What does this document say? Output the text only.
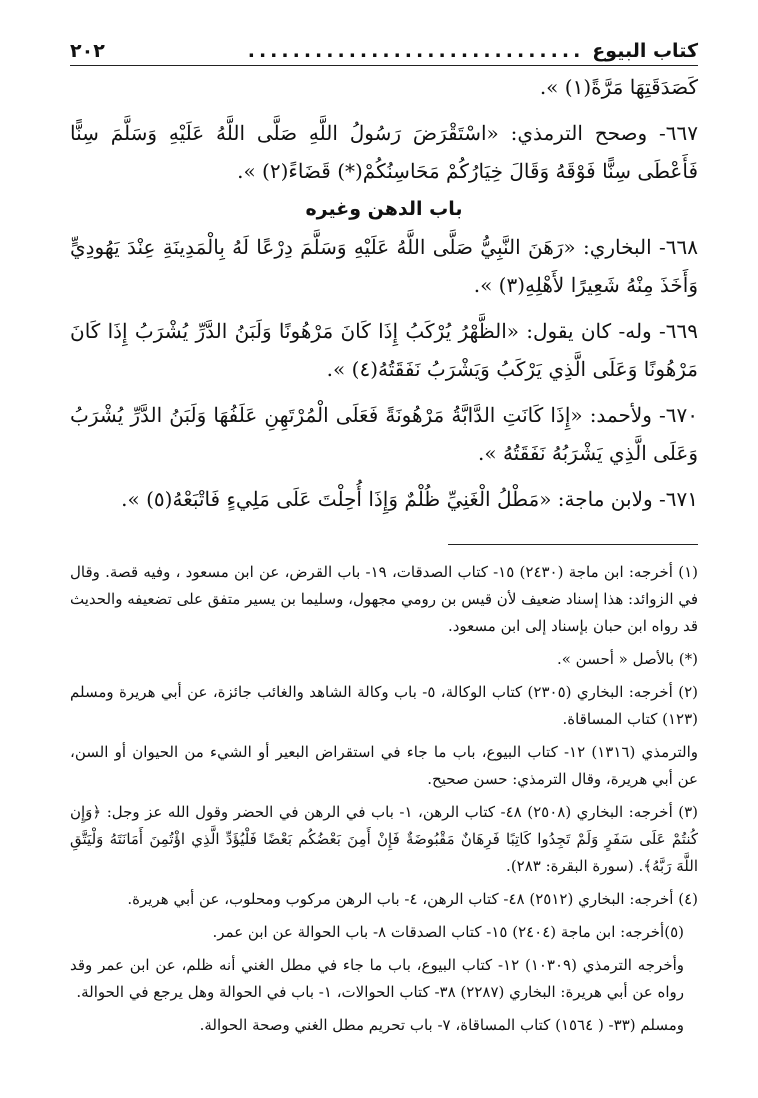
كتاب البيوع
..............................
٢٠٢

كَصَدَقَتِهَا مَرَّةً(١) ».

٦٦٧- وصحح الترمذي: «اسْتَقْرَضَ رَسُولُ اللَّهِ صَلَّى اللَّهُ عَلَيْهِ وَسَلَّمَ سِنًّا فَأَعْطَى سِنًّا فَوْقَهُ وَقَالَ خِيَارُكُمْ مَحَاسِنُكُمْ(*) قَضَاءً(٢) ».

باب الدهن وغيره

٦٦٨- البخاري: «رَهَنَ النَّبِيُّ صَلَّى اللَّهُ عَلَيْهِ وَسَلَّمَ دِرْعًا لَهُ بِالْمَدِينَةِ عِنْدَ يَهُودِيٍّ وَأَخَذَ مِنْهُ شَعِيرًا لأَهْلِهِ(٣) ».

٦٦٩- وله- كان يقول: «الظَّهْرُ يُرْكَبُ إِذَا كَانَ مَرْهُونًا وَلَبَنُ الدَّرِّ يُشْرَبُ إِذَا كَانَ مَرْهُونًا وَعَلَى الَّذِي يَرْكَبُ وَيَشْرَبُ نَفَقَتُهُ(٤) ».

٦٧٠- ولأحمد: «إِذَا كَانَتِ الدَّابَّةُ مَرْهُونَةً فَعَلَى الْمُرْتَهِنِ عَلَفُهَا وَلَبَنُ الدَّرِّ يُشْرَبُ وَعَلَى الَّذِي يَشْرَبُهُ نَفَقَتُهُ ».

٦٧١- ولابن ماجة: «مَطْلُ الْغَنِيِّ ظُلْمٌ وَإِذَا أُحِلْتَ عَلَى مَلِيءٍ فَاتْبَعْهُ(٥) ».

(١) أخرجه: ابن ماجة (٢٤٣٠) ١٥- كتاب الصدقات، ١٩- باب القرض، عن ابن مسعود ، وفيه قصة. وقال في الزوائد: هذا إسناد ضعيف لأن قيس بن رومي مجهول، وسليما بن يسير متفق على تضعيفه والحديث قد رواه ابن حبان بإسناد إلى ابن مسعود.

(*) بالأصل « أحسن ».

(٢) أخرجه: البخاري (٢٣٠٥) كتاب الوكالة، ٥- باب وكالة الشاهد والغائب جائزة، عن أبي هريرة ومسلم (١٢٣) كتاب المساقاة.

والترمذي (١٣١٦) ١٢- كتاب البيوع، باب ما جاء في استقراض البعير أو الشيء من الحيوان أو السن، عن أبي هريرة، وقال الترمذي: حسن صحيح.

(٣) أخرجه: البخاري (٢٥٠٨) ٤٨- كتاب الرهن، ١- باب في الرهن في الحضر وقول الله عز وجل: ﴿وَإِن كُنتُمْ عَلَى سَفَرٍ وَلَمْ تَجِدُوا كَاتِبًا فَرِهَانٌ مَقْبُوضَةٌ فَإِنْ أَمِنَ بَعْضُكُم بَعْضًا فَلْيُؤَدِّ الَّذِي اؤْتُمِنَ أَمَانَتَهُ وَلْيَتَّقِ اللَّهَ رَبَّهُ﴾. (سورة البقرة: ٢٨٣).

(٤) أخرجه: البخاري (٢٥١٢) ٤٨- كتاب الرهن، ٤- باب الرهن مركوب ومحلوب، عن أبي هريرة.

(٥)أخرجه: ابن ماجة (٢٤٠٤) ١٥- كتاب الصدقات ٨- باب الحوالة عن ابن عمر.

وأخرجه الترمذي (١٠٣٠٩) ١٢- كتاب البيوع، باب ما جاء في مطل الغني أنه ظلم، عن ابن عمر وقد رواه عن أبي هريرة: البخاري (٢٢٨٧) ٣٨- كتاب الحوالات، ١- باب في الحوالة وهل يرجع في الحوالة.

ومسلم (٣٣- ( ١٥٦٤) كتاب المساقاة، ٧- باب تحريم مطل الغني وصحة الحوالة.
